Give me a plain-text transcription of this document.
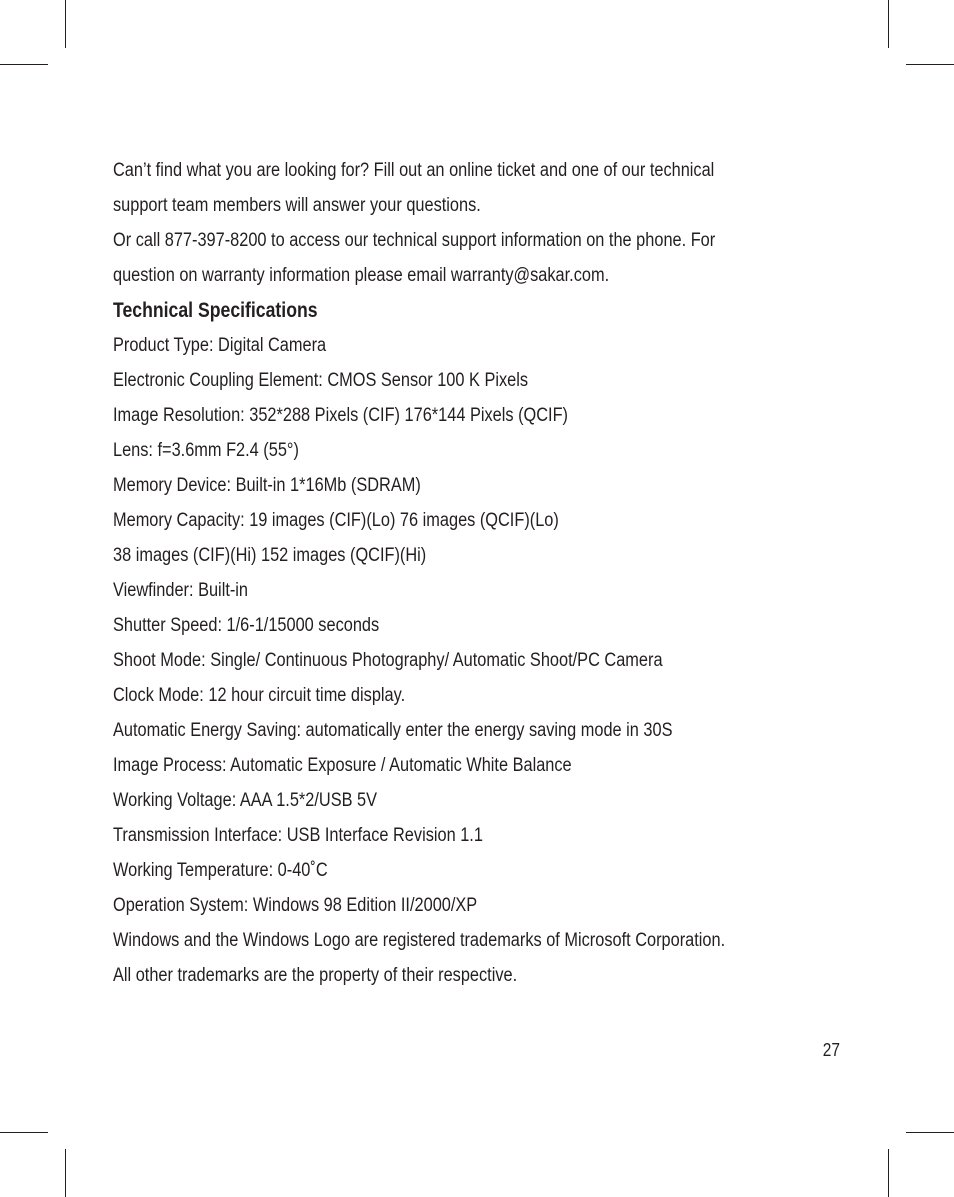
Can’t find what you are looking for? Fill out an online ticket and one of our technical
support team members will answer your questions.
Or call 877-397-8200 to access our technical support information on the phone. For
question on warranty information please email warranty@sakar.com.
Technical Specifications
Product Type: Digital Camera
Electronic Coupling Element: CMOS Sensor 100 K Pixels
Image Resolution: 352*288 Pixels (CIF) 176*144 Pixels (QCIF)
Lens: f=3.6mm F2.4 (55°)
Memory Device: Built-in 1*16Mb (SDRAM)
Memory Capacity: 19 images (CIF)(Lo) 76 images (QCIF)(Lo)
38 images (CIF)(Hi) 152 images (QCIF)(Hi)
Viewfinder: Built-in
Shutter Speed: 1/6-1/15000 seconds
Shoot Mode: Single/ Continuous Photography/ Automatic Shoot/PC Camera
Clock Mode: 12 hour circuit time display.
Automatic Energy Saving: automatically enter the energy saving mode in 30S
Image Process: Automatic Exposure / Automatic White Balance
Working Voltage: AAA 1.5*2/USB 5V
Transmission Interface: USB Interface Revision 1.1
Working Temperature: 0-40˚C
Operation System: Windows 98 Edition II/2000/XP
Windows and the Windows Logo are registered trademarks of Microsoft Corporation.
All other trademarks are the property of their respective.
27
